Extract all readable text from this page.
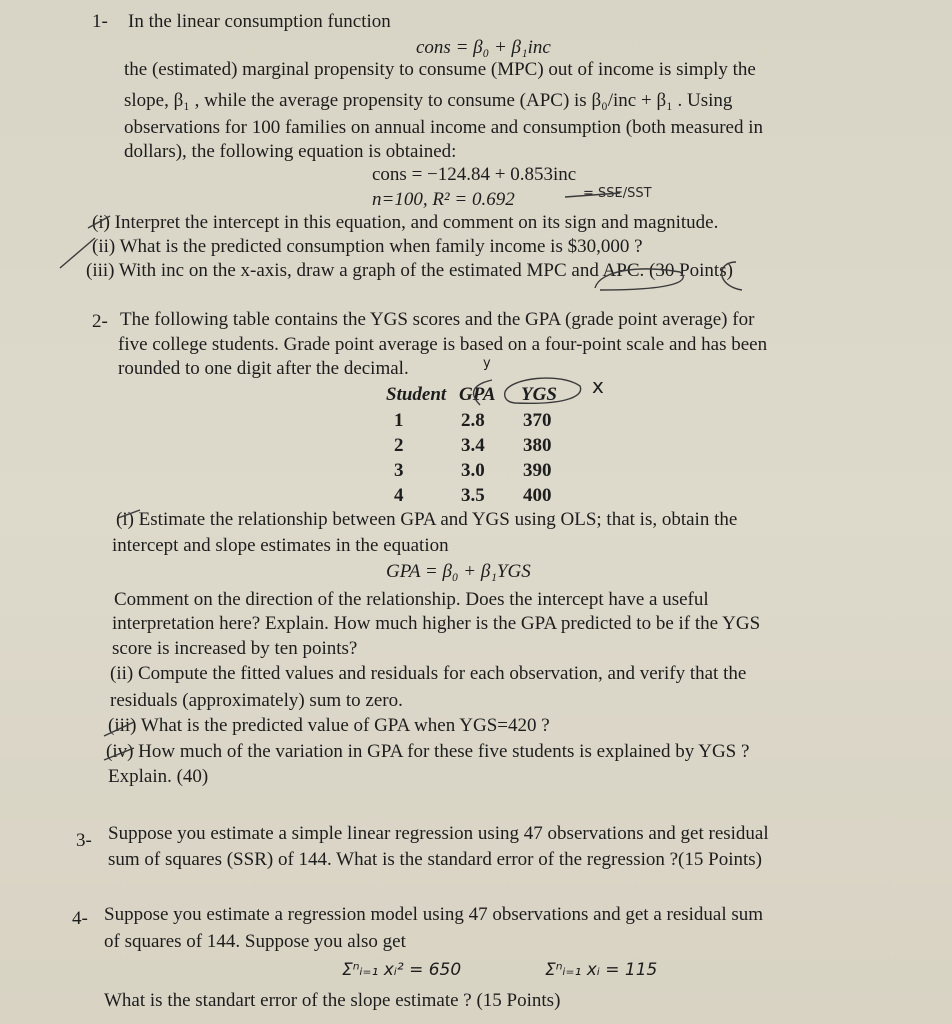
1- In the linear consumption function
cons = β₀ + β₁inc
the (estimated) marginal propensity to consume (MPC) out of income is simply the
slope, β₁ , while the average propensity to consume (APC) is β₀/inc + β₁ . Using
observations for 100 families on annual income and consumption (both measured in
dollars), the following equation is obtained:
cons = −124.84 + 0.853inc
n=100, R² = 0.692	= SSE/SST
(i) Interpret the intercept in this equation, and comment on its sign and magnitude.
(ii) What is the predicted consumption when family income is $30,000 ?
(iii) With inc on the x-axis, draw a graph of the estimated MPC and APC. (30 Points)
2- The following table contains the YGS scores and the GPA (grade point average) for
five college students. Grade point average is based on a four-point scale and has been
rounded to one digit after the decimal.	y
x
Student GPA YGS
1	2.8 370
2	3.4 380
3	3.0 390
4	3.5 400
(i) Estimate the relationship between GPA and YGS using OLS; that is, obtain the
intercept and slope estimates in the equation
GPA = β₀ + β₁YGS
Comment on the direction of the relationship. Does the intercept have a useful
interpretation here? Explain. How much higher is the GPA predicted to be if the YGS
score is increased by ten points?
(ii) Compute the fitted values and residuals for each observation, and verify that the
residuals (approximately) sum to zero.
(iii) What is the predicted value of GPA when YGS=420 ?
(iv) How much of the variation in GPA for these five students is explained by YGS ?
Explain. (40)
3- Suppose you estimate a simple linear regression using 47 observations and get residual
sum of squares (SSR) of 144. What is the standard error of the regression ?(15 Points)
4- Suppose you estimate a regression model using 47 observations and get a residual sum
of squares of 144. Suppose you also get
Σⁿᵢ₌₁ xᵢ² = 650	Σⁿᵢ₌₁ xᵢ = 115
What is the standart error of the slope estimate ? (15 Points)
